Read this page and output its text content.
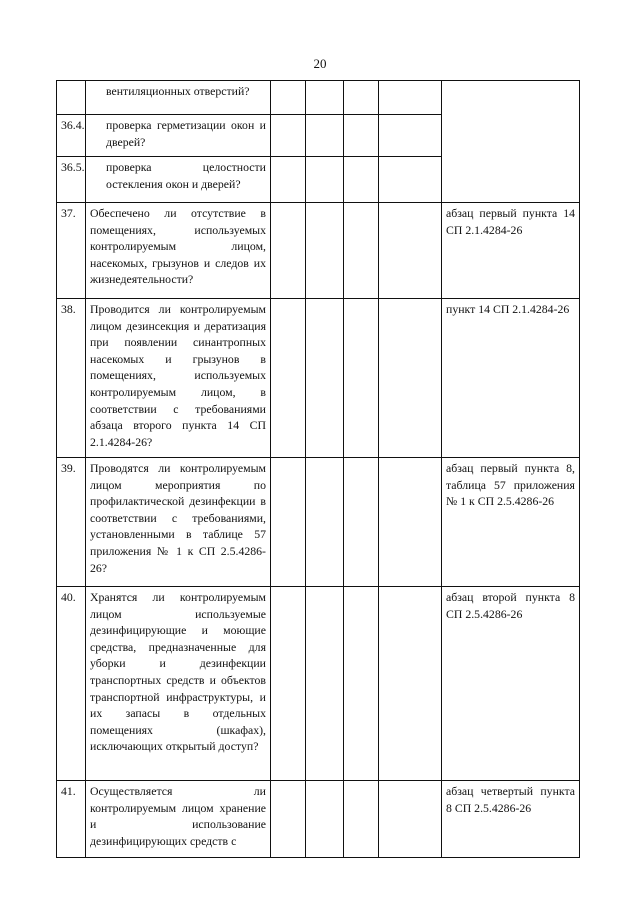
20

	вентиляционных отверстий?					

36.4.	проверка герметизации окон и дверей?					

36.5.	проверка целостности остекления окон и дверей?					

37.	Обеспечено ли отсутствие в помещениях, используемых контролируемым лицом, насекомых, грызунов и следов их жизнедеятельности?					абзац первый пункта 14 СП 2.1.4284-26
38.	Проводится ли контролируемым лицом дезинсекция и дератизация при появлении синантропных насекомых и грызунов в помещениях, используемых контролируемым лицом, в соответствии с требованиями абзаца второго пункта 14 СП 2.1.4284-26?					пункт 14 СП 2.1.4284-26
39.	Проводятся ли контролируемым лицом мероприятия по профилактической дезинфекции в соответствии с требованиями, установленными в таблице 57 приложения № 1 к СП 2.5.4286-26?					абзац первый пункта 8, таблица 57 приложения № 1 к СП 2.5.4286-26
40.	Хранятся ли контролируемым лицом используемые дезинфицирующие и моющие средства, предназначенные для уборки и дезинфекции транспортных средств и объектов транспортной инфраструктуры, и их запасы в отдельных помещениях (шкафах), исключающих открытый доступ?					абзац второй пункта 8 СП 2.5.4286-26
41.	Осуществляется ли контролируемым лицом хранение и использование дезинфицирующих средств с					абзац четвертый пункта 8 СП 2.5.4286-26
